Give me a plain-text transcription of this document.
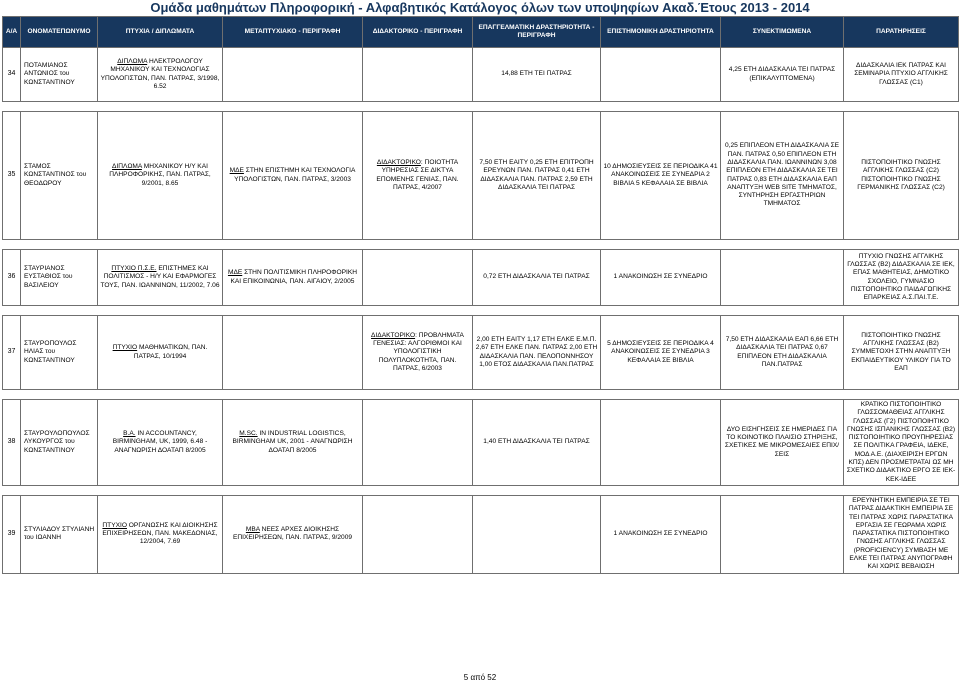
Ομάδα μαθημάτων Πληροφορική - Αλφαβητικός Κατάλογος όλων των υποψηφίων Ακαδ.Έτους 2013 - 2014
Α/Α	ΟΝΟΜΑΤΕΠΩΝΥΜΟ	ΠΤΥΧΙΑ / ΔΙΠΛΩΜΑΤΑ	ΜΕΤΑΠΤΥΧΙΑΚΟ - ΠΕΡΙΓΡΑΦΗ	ΔΙΔΑΚΤΟΡΙΚΟ - ΠΕΡΙΓΡΑΦΗ	ΕΠΑΓΓΕΛΜΑΤΙΚΗ ΔΡΑΣΤΗΡΙΟΤΗΤΑ - ΠΕΡΙΓΡΑΦΗ	ΕΠΙΣΤΗΜΟΝΙΚΗ ΔΡΑΣΤΗΡΙΟΤΗΤΑ	ΣΥΝΕΚΤΙΜΩΜΕΝΑ	ΠΑΡΑΤΗΡΗΣΕΙΣ
34	ΠΟΤΑΜΙΑΝΟΣ ΑΝΤΩΝΙΟΣ του ΚΩΝΣΤΑΝΤΙΝΟΥ	ΔΙΠΛΩΜΑ ΗΛΕΚΤΡΟΛΟΓΟΥ ΜΗΧΑΝΙΚΟΥ ΚΑΙ ΤΕΧΝΟΛΟΓΙΑΣ ΥΠΟΛΟΓΙΣΤΩΝ, ΠΑΝ. ΠΑΤΡΑΣ, 3/1998, 6.52			14,88 ΕΤΗ ΤΕΙ ΠΑΤΡΑΣ		4,25 ΕΤΗ ΔΙΔΑΣΚΑΛΙΑ ΤΕΙ ΠΑΤΡΑΣ (ΕΠΙΚΑΛΥΠΤΟΜΕΝΑ)	ΔΙΔΑΣΚΑΛΙΑ ΙΕΚ ΠΑΤΡΑΣ ΚΑΙ ΣΕΜΙΝΑΡΙΑ ΠΤΥΧΙΟ ΑΓΓΛΙΚΗΣ ΓΛΩΣΣΑΣ (C1)

35	ΣΤΑΜΟΣ ΚΩΝΣΤΑΝΤΙΝΟΣ του ΘΕΟΔΩΡΟΥ	ΔΙΠΛΩΜΑ ΜΗΧΑΝΙΚΟΥ Η/Υ ΚΑΙ ΠΛΗΡΟΦΟΡΙΚΗΣ, ΠΑΝ. ΠΑΤΡΑΣ, 9/2001, 8.65	ΜΔΕ ΣΤΗΝ ΕΠΙΣΤΗΜΗ ΚΑΙ ΤΕΧΝΟΛΟΓΙΑ ΥΠΟΛΟΓΙΣΤΩΝ, ΠΑΝ. ΠΑΤΡΑΣ, 3/2003	ΔΙΔΑΚΤΟΡΙΚΟ: ΠΟΙΟΤΗΤΑ ΥΠΗΡΕΣΙΑΣ ΣΕ ΔΙΚΤΥΑ ΕΠΟΜΕΝΗΣ ΓΕΝΙΑΣ, ΠΑΝ. ΠΑΤΡΑΣ, 4/2007	7,50 ΕΤΗ ΕΑΙΤΥ 0,25 ΕΤΗ ΕΠΙΤΡΟΠΗ ΕΡΕΥΝΩΝ ΠΑΝ. ΠΑΤΡΑΣ 0,41 ΕΤΗ ΔΙΔΑΣΚΑΛΙΑ ΠΑΝ. ΠΑΤΡΑΣ 2,59 ΕΤΗ ΔΙΔΑΣΚΑΛΙΑ ΤΕΙ ΠΑΤΡΑΣ	10 ΔΗΜΟΣΙΕΥΣΕΙΣ ΣΕ ΠΕΡΙΟΔΙΚΑ 41 ΑΝΑΚΟΙΝΩΣΕΙΣ ΣΕ ΣΥΝΕΔΡΙΑ 2 ΒΙΒΛΙΑ 5 ΚΕΦΑΛΑΙΑ ΣΕ ΒΙΒΛΙΑ	0,25 ΕΠΙΠΛΕΟΝ ΕΤΗ ΔΙΔΑΣΚΑΛΙΑ ΣΕ ΠΑΝ. ΠΑΤΡΑΣ 0,50 ΕΠΙΠΛΕΟΝ ΕΤΗ ΔΙΔΑΣΚΑΛΙΑ ΠΑΝ. ΙΩΑΝΝΙΝΩΝ 3,08 ΕΠΙΠΛΕΟΝ ΕΤΗ ΔΙΔΑΣΚΑΛΙΑ ΣΕ ΤΕΙ ΠΑΤΡΑΣ 0,83 ΕΤΗ ΔΙΔΑΣΚΑΛΙΑ ΕΑΠ ΑΝΑΠΤΥΞΗ WEB SITE ΤΜΗΜΑΤΟΣ, ΣΥΝΤΗΡΗΣΗ ΕΡΓΑΣΤΗΡΙΩΝ ΤΜΗΜΑΤΟΣ	ΠΙΣΤΟΠΟΙΗΤΙΚΟ ΓΝΩΣΗΣ ΑΓΓΛΙΚΗΣ ΓΛΩΣΣΑΣ (C2) ΠΙΣΤΟΠΟΙΗΤΙΚΟ ΓΝΩΣΗΣ ΓΕΡΜΑΝΙΚΗΣ ΓΛΩΣΣΑΣ (C2)

36	ΣΤΑΥΡΙΑΝΟΣ ΕΥΣΤΑΘΙΟΣ του ΒΑΣΙΛΕΙΟΥ	ΠΤΥΧΙΟ Π.Σ.Ε. ΕΠΙΣΤΗΜΕΣ ΚΑΙ ΠΟΛΙΤΙΣΜΟΣ - Η/Υ ΚΑΙ ΕΦΑΡΜΟΓΕΣ ΤΟΥΣ, ΠΑΝ. ΙΩΑΝΝΙΝΩΝ, 11/2002, 7.06	ΜΔΕ ΣΤΗΝ ΠΟΛΙΤΙΣΜΙΚΗ ΠΛΗΡΟΦΟΡΙΚΗ ΚΑΙ ΕΠΙΚΟΙΝΩΝΙΑ, ΠΑΝ. ΑΙΓΑΙΟΥ, 2/2005		0,72 ΕΤΗ ΔΙΔΑΣΚΑΛΙΑ ΤΕΙ ΠΑΤΡΑΣ	1 ΑΝΑΚΟΙΝΩΣΗ ΣΕ ΣΥΝΕΔΡΙΟ		ΠΤΥΧΙΟ ΓΝΩΣΗΣ ΑΓΓΛΙΚΗΣ ΓΛΩΣΣΑΣ (Β2) ΔΙΔΑΣΚΑΛΙΑ ΣΕ ΙΕΚ, ΕΠΑΣ ΜΑΘΗΤΕΙΑΣ, ΔΗΜΟΤΙΚΟ ΣΧΟΛΕΙΟ, ΓΥΜΝΑΣΙΟ ΠΙΣΤΟΠΟΙΗΤΙΚΟ ΠΑΙΔΑΓΩΓΙΚΗΣ ΕΠΑΡΚΕΙΑΣ Α.Σ.ΠΑΙ.Τ.Ε.

37	ΣΤΑΥΡΟΠΟΥΛΟΣ ΗΛΙΑΣ του ΚΩΝΣΤΑΝΤΙΝΟΥ	ΠΤΥΧΙΟ ΜΑΘΗΜΑΤΙΚΩΝ, ΠΑΝ. ΠΑΤΡΑΣ, 10/1994		ΔΙΔΑΚΤΟΡΙΚΟ: ΠΡΟΒΛΗΜΑΤΑ ΓΕΝΕΣΙΑΣ: ΑΛΓΟΡΙΘΜΟΙ ΚΑΙ ΥΠΟΛΟΓΙΣΤΙΚΗ ΠΟΛΥΠΛΟΚΟΤΗΤΑ, ΠΑΝ. ΠΑΤΡΑΣ, 6/2003	2,00 ΕΤΗ ΕΑΙΤΥ 1,17 ΕΤΗ ΕΛΚΕ Ε.Μ.Π. 2,67 ΕΤΗ ΕΛΚΕ ΠΑΝ. ΠΑΤΡΑΣ 2,00 ΕΤΗ ΔΙΔΑΣΚΑΛΙΑ ΠΑΝ. ΠΕΛΟΠΟΝΝΗΣΟΥ 1,00 ΕΤΟΣ ΔΙΔΑΣΚΑΛΙΑ ΠΑΝ.ΠΑΤΡΑΣ	5 ΔΗΜΟΣΙΕΥΣΕΙΣ ΣΕ ΠΕΡΙΟΔΙΚΑ 4 ΑΝΑΚΟΙΝΩΣΕΙΣ ΣΕ ΣΥΝΕΔΡΙΑ 3 ΚΕΦΑΛΑΙΑ ΣΕ ΒΙΒΛΙΑ	7,50 ΕΤΗ ΔΙΔΑΣΚΑΛΙΑ ΕΑΠ 6,66 ΕΤΗ ΔΙΔΑΣΚΑΛΙΑ ΤΕΙ ΠΑΤΡΑΣ 0,67 ΕΠΙΠΛΕΟΝ ΕΤΗ ΔΙΔΑΣΚΑΛΙΑ ΠΑΝ.ΠΑΤΡΑΣ	ΠΙΣΤΟΠΟΙΗΤΙΚΟ ΓΝΩΣΗΣ ΑΓΓΛΙΚΗΣ ΓΛΩΣΣΑΣ (Β2) ΣΥΜΜΕΤΟΧΗ ΣΤΗΝ ΑΝΑΠΤΥΞΗ ΕΚΠΑΙΔΕΥΤΙΚΟΥ ΥΛΙΚΟΥ ΓΙΑ ΤΟ ΕΑΠ

38	ΣΤΑΥΡΟΥΛΟΠΟΥΛΟΣ ΛΥΚΟΥΡΓΟΣ του ΚΩΝΣΤΑΝΤΙΝΟΥ	B.A. IN ACCOUNTANCY, BIRMINGHAM, UK, 1999, 6.48 - ΑΝΑΓΝΩΡΙΣΗ ΔΟΑΤΑΠ 8/2005	M.SC. IN INDUSTRIAL LOGISTICS, BIRMINGHAM UK, 2001 - ΑΝΑΓΝΩΡΙΣΗ ΔΟΑΤΑΠ 8/2005		1,40 ΕΤΗ ΔΙΔΑΣΚΑΛΙΑ ΤΕΙ ΠΑΤΡΑΣ		ΔΥΟ ΕΙΣΗΓΗΣΕΙΣ ΣΕ ΗΜΕΡΙΔΕΣ ΓΙΑ ΤΟ ΚΟΙΝΟΤΙΚΟ ΠΛΑΙΣΙΟ ΣΤΗΡΙΞΗΣ, ΣΧΕΤΙΚΕΣ ΜΕ ΜΙΚΡΟΜΕΣΑΙΕΣ ΕΠΙΧ/ΣΕΙΣ	ΚΡΑΤΙΚΟ ΠΙΣΤΟΠΟΙΗΤΙΚΟ ΓΛΩΣΣΟΜΑΘΕΙΑΣ ΑΓΓΛΙΚΗΣ ΓΛΩΣΣΑΣ (Γ2) ΠΙΣΤΟΠΟΙΗΤΙΚΟ ΓΝΩΣΗΣ ΙΣΠΑΝΙΚΗΣ ΓΛΩΣΣΑΣ (Β2) ΠΙΣΤΟΠΟΙΗΤΙΚΟ ΠΡΟΥΠΗΡΕΣΙΑΣ ΣΕ ΠΟΛΙΤΙΚΑ ΓΡΑΦΕΙΑ, ΙΔΕΚΕ, ΜΟΔ Α.Ε. (ΔΙΑΧΕΙΡΙΣΗ ΕΡΓΩΝ ΚΠΣ) ΔΕΝ ΠΡΟΣΜΕΤΡΑΤΑΙ ΩΣ ΜΗ ΣΧΕΤΙΚΟ ΔΙΔΑΚΤΙΚΟ ΕΡΓΟ ΣΕ ΙΕΚ-ΚΕΚ-ΙΔΕΕ

39	ΣΤΥΛΙΑΔΟΥ ΣΤΥΛΙΑΝΗ του ΙΩΑΝΝΗ	ΠΤΥΧΙΟ ΟΡΓΑΝΩΣΗΣ ΚΑΙ ΔΙΟΙΚΗΣΗΣ ΕΠΙΧΕΙΡΗΣΕΩΝ, ΠΑΝ. ΜΑΚΕΔΟΝΙΑΣ, 12/2004, 7.69	ΜΒΑ ΝΕΕΣ ΑΡΧΕΣ ΔΙΟΙΚΗΣΗΣ ΕΠΙΧΕΙΡΗΣΕΩΝ, ΠΑΝ. ΠΑΤΡΑΣ, 9/2009			1 ΑΝΑΚΟΙΝΩΣΗ ΣΕ ΣΥΝΕΔΡΙΟ		ΕΡΕΥΝΗΤΙΚΗ ΕΜΠΕΙΡΙΑ ΣΕ ΤΕΙ ΠΑΤΡΑΣ ΔΙΔΑΚΤΙΚΗ ΕΜΠΕΙΡΙΑ ΣΕ ΤΕΙ ΠΑΤΡΑΣ ΧΩΡΙΣ ΠΑΡΑΣΤΑΤΙΚΑ ΕΡΓΑΣΙΑ ΣΕ ΓΕΩΡΑΜΑ ΧΩΡΙΣ ΠΑΡΑΣΤΑΤΙΚΑ ΠΙΣΤΟΠΟΙΗΤΙΚΟ ΓΝΩΣΗΣ ΑΓΓΛΙΚΗΣ ΓΛΩΣΣΑΣ (PROFICIENCY) ΣΥΜΒΑΣΗ ΜΕ ΕΛΚΕ ΤΕΙ ΠΑΤΡΑΣ ΑΝΥΠΟΓΡΑΦΗ ΚΑΙ ΧΩΡΙΣ ΒΕΒΑΙΩΣΗ
5 από 52
